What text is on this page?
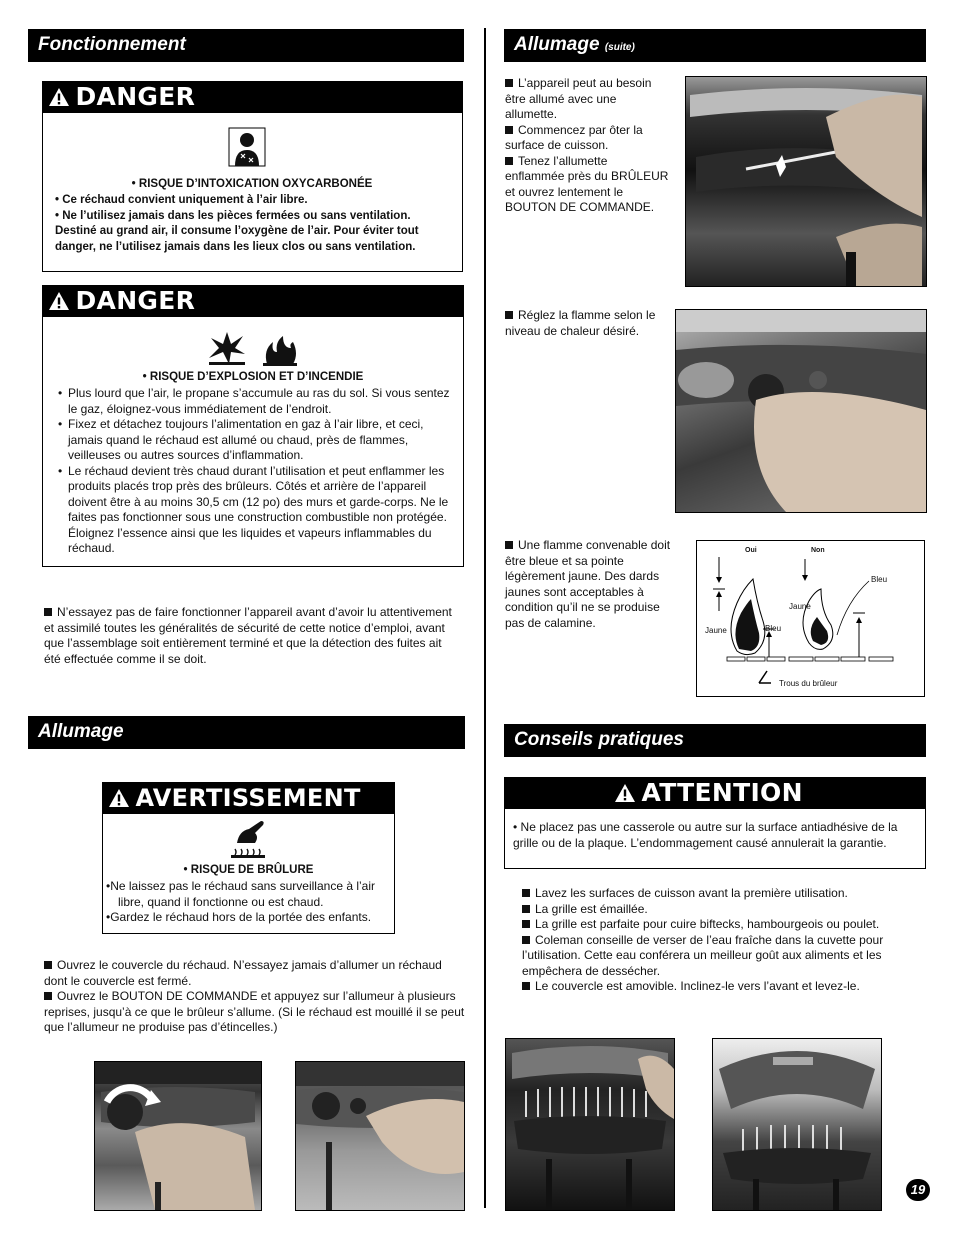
Fonctionnement
DANGER
• RISQUE D’INTOXICATION OXYCARBONÉE
• Ce réchaud convient uniquement à l’air libre.
• Ne l’utilisez jamais dans les pièces fermées ou sans ventilation. Destiné au grand air, il consume l’oxygène de l’air. Pour éviter tout danger, ne l’utilisez jamais dans les lieux clos ou sans ventilation.
DANGER
• RISQUE D’EXPLOSION ET D’INCENDIE
• Plus lourd que l’air, le propane s’accumule au ras du sol. Si vous sentez le gaz, éloignez-vous immédiatement de l’endroit.
• Fixez et détachez toujours l’alimentation en gaz à l’air libre, et ceci, jamais quand le réchaud est allumé ou chaud, près de flammes, veilleuses ou autres sources d’inflammation.
• Le réchaud devient très chaud durant l’utilisation et peut enflammer les produits placés trop près des brûleurs. Côtés et arrière de l’appareil doivent être à au moins 30,5 cm (12 po) des murs et garde-corps. Ne le faites pas fonctionner sous une construction combustible non protégée. Éloignez l’essence ainsi que les liquides et vapeurs inflammables du réchaud.
N’essayez pas de faire fonctionner l’appareil avant d’avoir lu attentivement et assimilé toutes les généralités de sécurité de cette notice d’emploi, avant que l’assemblage soit entièrement terminé et que la détection des fuites ait été effectuée comme il se doit.
Allumage
AVERTISSEMENT
• RISQUE DE BRÛLURE
•Ne laissez pas le réchaud sans surveillance à l’air libre, quand il fonctionne ou est chaud.
•Gardez le réchaud hors de la portée des enfants.
Ouvrez le couvercle du réchaud. N’essayez jamais d’allumer un réchaud dont le couvercle est fermé.
Ouvrez le BOUTON DE COMMANDE et appuyez sur l’allumeur à plusieurs reprises, jusqu’à ce que le brûleur s’allume. (Si le réchaud est mouillé il se peut que l’allumeur ne produise pas d’étincelles.)
Allumage (suite)
L’appareil peut au besoin être allumé avec une allumette.
Commencez par ôter la surface de cuisson.
Tenez l’allumette enflammée près du BRÛLEUR et ouvrez lentement le BOUTON DE COMMANDE.
Réglez la flamme selon le niveau de chaleur désiré.
Une flamme convenable doit être bleue et sa pointe légèrement jaune. Des dards jaunes sont acceptables à condition qu’il ne se produise pas de calamine.
Oui	Non
Bleu
Jaune
Jaune	Bleu
Trous du brûleur
Conseils pratiques
ATTENTION
• Ne placez pas une casserole ou autre sur la surface antiadhésive de la grille ou de la plaque. L’endommagement causé annulerait la garantie.
Lavez les surfaces de cuisson avant la première utilisation.
La grille est émaillée.
La grille est parfaite pour cuire biftecks, hambourgeois ou poulet.
Coleman conseille de verser de l’eau fraîche dans la cuvette pour l’utilisation. Cette eau conférera un meilleur goût aux aliments et les empêchera de dessécher.
Le couvercle est amovible. Inclinez-le vers l’avant et levez-le.
19
